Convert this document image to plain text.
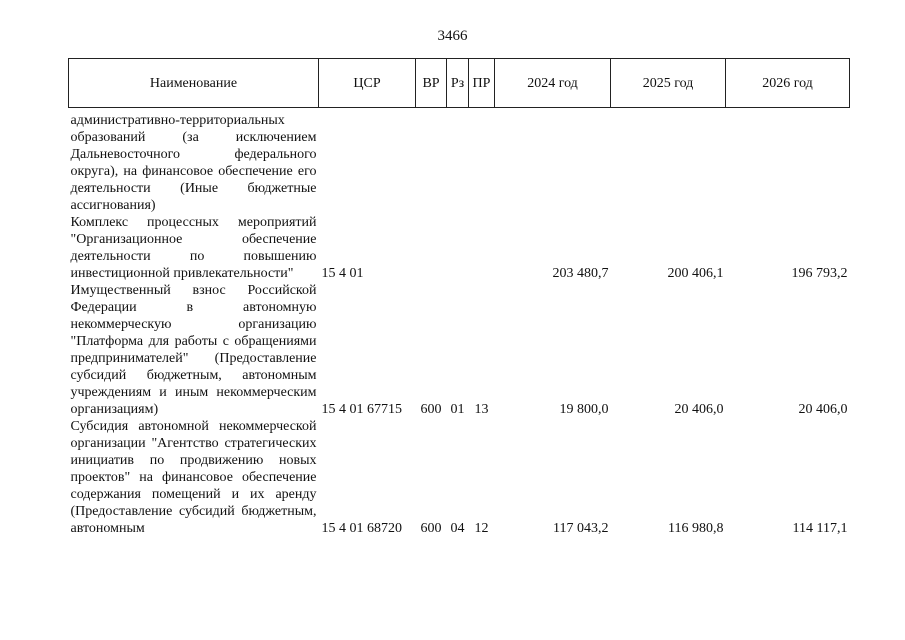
3466
Наименование	ЦСР	ВР	Рз	ПР	2024 год	2025 год	2026 год
административно-территориальных образований (за исключением Дальневосточного федерального округа), на финансовое обеспечение его деятельности (Иные бюджетные ассигнования)							
Комплекс процессных мероприятий "Организационное обеспечение деятельности по повышению инвестиционной привлекательности"	15 4 01				203 480,7	200 406,1	196 793,2
Имущественный взнос Российской Федерации в автономную некоммерческую организацию "Платформа для работы с обращениями предпринимателей" (Предоставление субсидий бюджетным, автономным учреждениям и иным некоммерческим организациям)	15 4 01 67715	600	01	13	19 800,0	20 406,0	20 406,0
Субсидия автономной некоммерческой организации "Агентство стратегических инициатив по продвижению новых проектов" на финансовое обеспечение содержания помещений и их аренду (Предоставление субсидий бюджетным, автономным	15 4 01 68720	600	04	12	117 043,2	116 980,8	114 117,1
